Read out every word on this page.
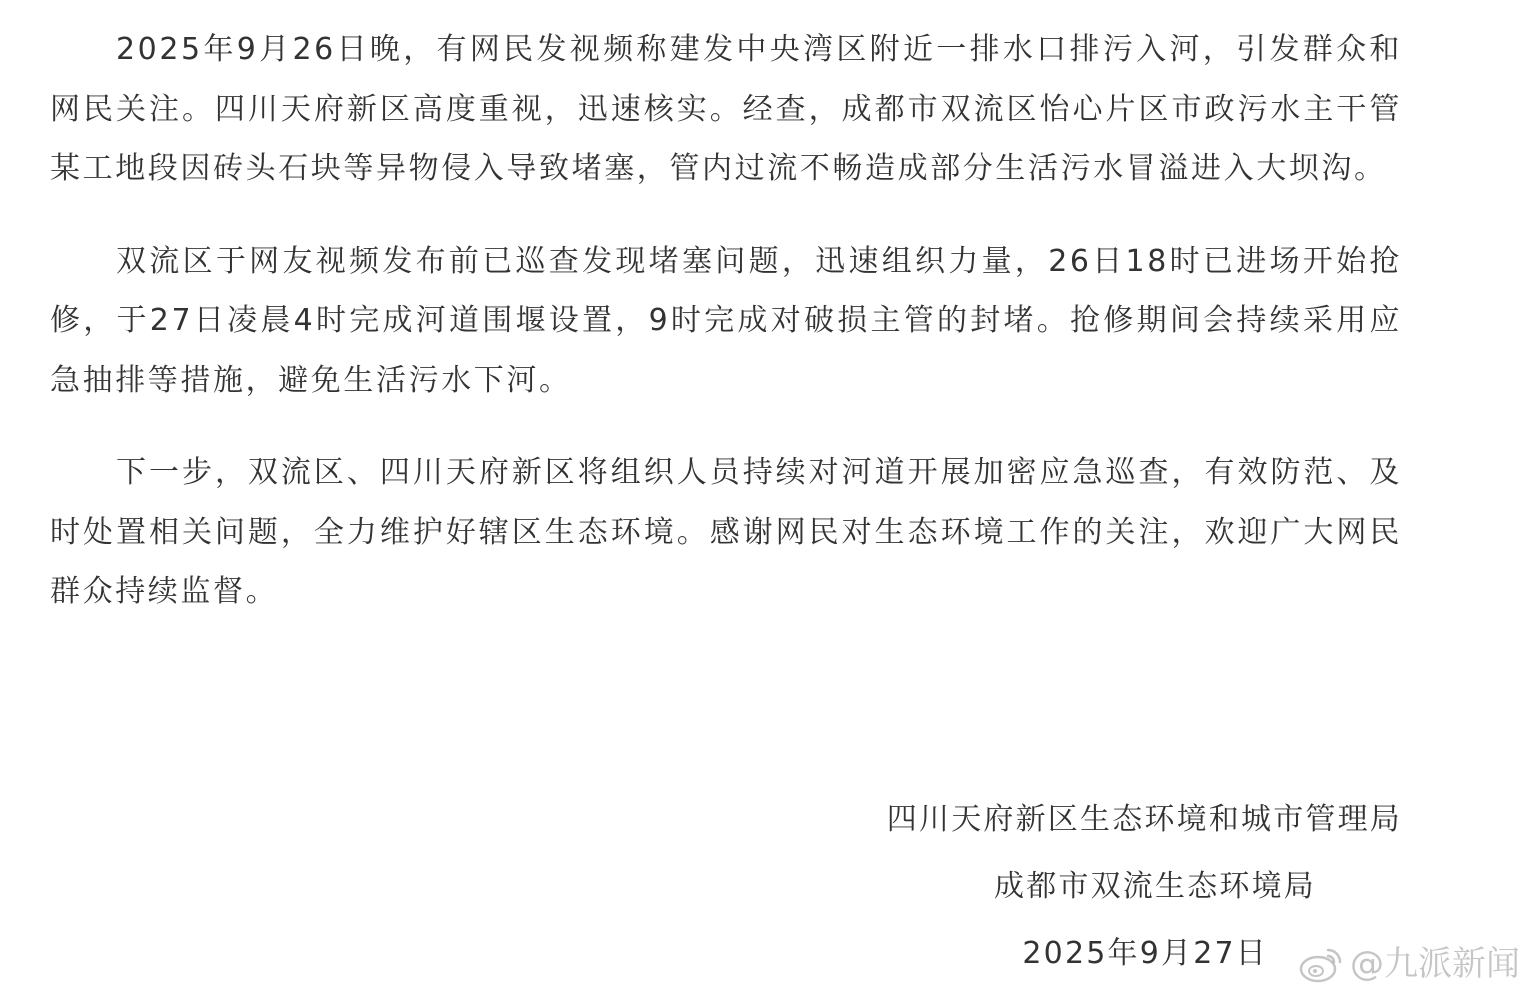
2025年9月26日晚，有网民发视频称建发中央湾区附近一排水口排污入河，引发群众和网民关注。四川天府新区高度重视，迅速核实。经查，成都市双流区怡心片区市政污水主干管某工地段因砖头石块等异物侵入导致堵塞，管内过流不畅造成部分生活污水冒溢进入大坝沟。

双流区于网友视频发布前已巡查发现堵塞问题，迅速组织力量，26日18时已进场开始抢修，于27日凌晨4时完成河道围堰设置，9时完成对破损主管的封堵。抢修期间会持续采用应急抽排等措施，避免生活污水下河。

下一步，双流区、四川天府新区将组织人员持续对河道开展加密应急巡查，有效防范、及时处置相关问题，全力维护好辖区生态环境。感谢网民对生态环境工作的关注，欢迎广大网民群众持续监督。

四川天府新区生态环境和城市管理局
成都市双流生态环境局
2025年9月27日 @九派新闻
